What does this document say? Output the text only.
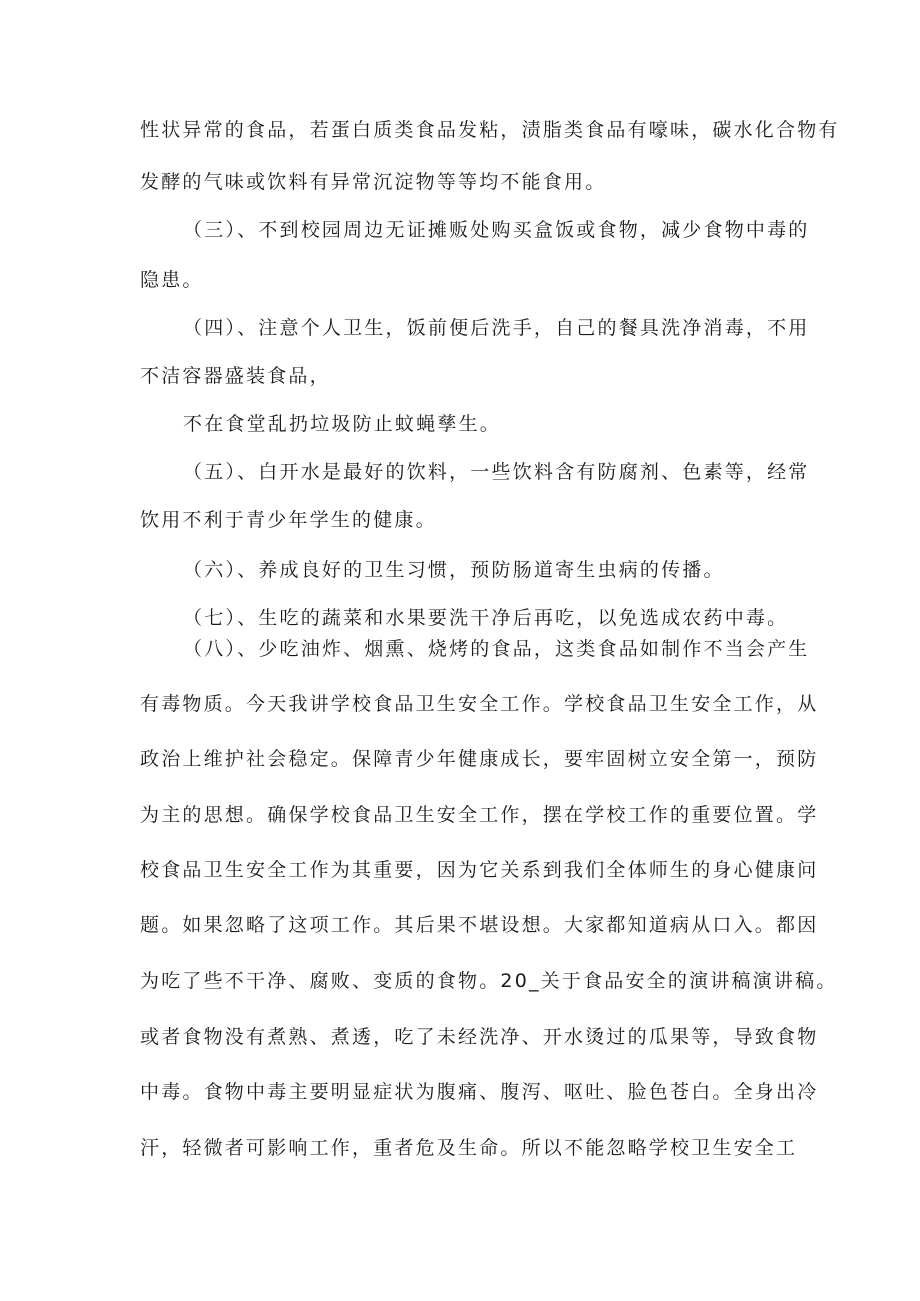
性状异常的食品，若蛋白质类食品发粘，渍脂类食品有嚎味，碳水化合物有
发酵的气味或饮料有异常沉淀物等等均不能食用。
（三）、不到校园周边无证摊贩处购买盒饭或食物，减少食物中毒的
隐患。
（四）、注意个人卫生，饭前便后洗手，自己的餐具洗净消毒，不用
不洁容器盛装食品，
不在食堂乱扔垃圾防止蚊蝇孳生。
（五）、白开水是最好的饮料，一些饮料含有防腐剂、色素等，经常
饮用不利于青少年学生的健康。
（六）、养成良好的卫生习惯，预防肠道寄生虫病的传播。
（七）、生吃的蔬菜和水果要洗干净后再吃，以免选成农药中毒。
（八）、少吃油炸、烟熏、烧烤的食品，这类食品如制作不当会产生
有毒物质。今天我讲学校食品卫生安全工作。学校食品卫生安全工作，从
政治上维护社会稳定。保障青少年健康成长，要牢固树立安全第一，预防
为主的思想。确保学校食品卫生安全工作，摆在学校工作的重要位置。学
校食品卫生安全工作为其重要，因为它关系到我们全体师生的身心健康问
题。如果忽略了这项工作。其后果不堪设想。大家都知道病从口入。都因
为吃了些不干净、腐败、变质的食物。20_关于食品安全的演讲稿演讲稿。
或者食物没有煮熟、煮透，吃了未经洗净、开水烫过的瓜果等，导致食物
中毒。食物中毒主要明显症状为腹痛、腹泻、呕吐、脸色苍白。全身出冷
汗，轻微者可影响工作，重者危及生命。所以不能忽略学校卫生安全工
